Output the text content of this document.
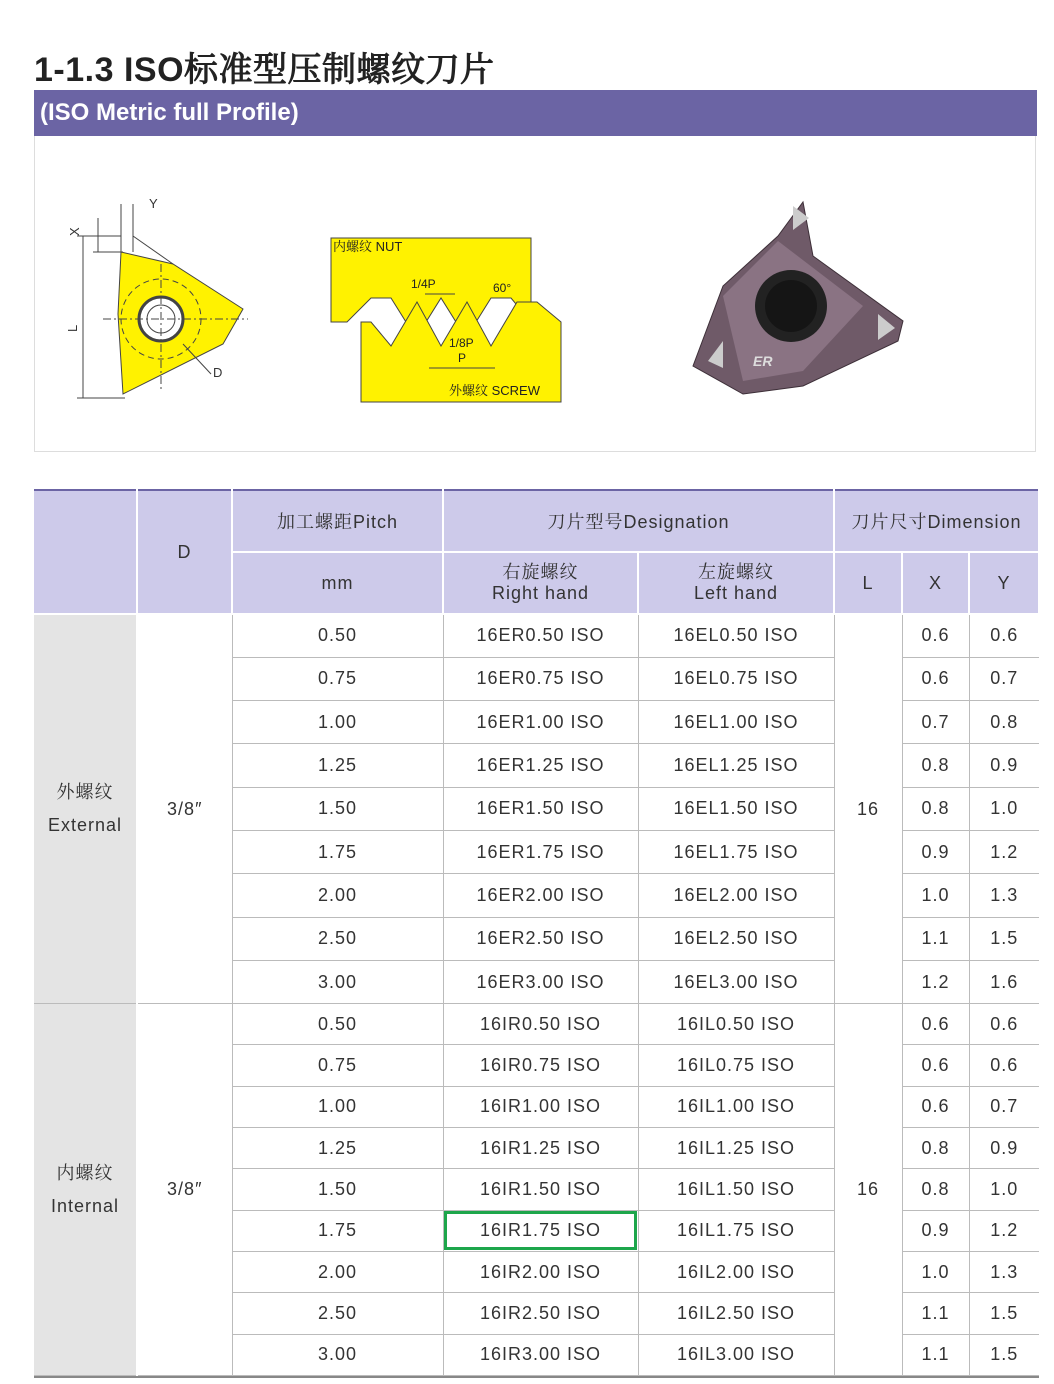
1-1.3 ISO标准型压制螺纹刀片
(ISO Metric full Profile)
Y
X
L
D
内螺纹 NUT
1/4P	60°
1/8P
P
外螺纹 SCREW
ER
	D	加工螺距Pitch	刀片型号Designation		刀片尺寸Dimension		
		mm	右旋螺纹
Right hand	左旋螺纹
Left hand	L	X	Y

外螺纹
External	3/8″	0.50	16ER0.50 ISO	16EL0.50 ISO	16	0.6	0.6
		0.75	16ER0.75 ISO	16EL0.75 ISO		0.6	0.7
		1.00	16ER1.00 ISO	16EL1.00 ISO		0.7	0.8
		1.25	16ER1.25 ISO	16EL1.25 ISO		0.8	0.9
		1.50	16ER1.50 ISO	16EL1.50 ISO		0.8	1.0
		1.75	16ER1.75 ISO	16EL1.75 ISO		0.9	1.2
		2.00	16ER2.00 ISO	16EL2.00 ISO		1.0	1.3
		2.50	16ER2.50 ISO	16EL2.50 ISO		1.1	1.5
		3.00	16ER3.00 ISO	16EL3.00 ISO		1.2	1.6

内螺纹
Internal	3/8″	0.50	16IR0.50 ISO	16IL0.50 ISO	16	0.6	0.6
		0.75	16IR0.75 ISO	16IL0.75 ISO		0.6	0.6
		1.00	16IR1.00 ISO	16IL1.00 ISO		0.6	0.7
		1.25	16IR1.25 ISO	16IL1.25 ISO		0.8	0.9
		1.50	16IR1.50 ISO	16IL1.50 ISO		0.8	1.0
		1.75	16IR1.75 ISO	16IL1.75 ISO		0.9	1.2
		2.00	16IR2.00 ISO	16IL2.00 ISO		1.0	1.3
		2.50	16IR2.50 ISO	16IL2.50 ISO		1.1	1.5
		3.00	16IR3.00 ISO	16IL3.00 ISO		1.1	1.5
